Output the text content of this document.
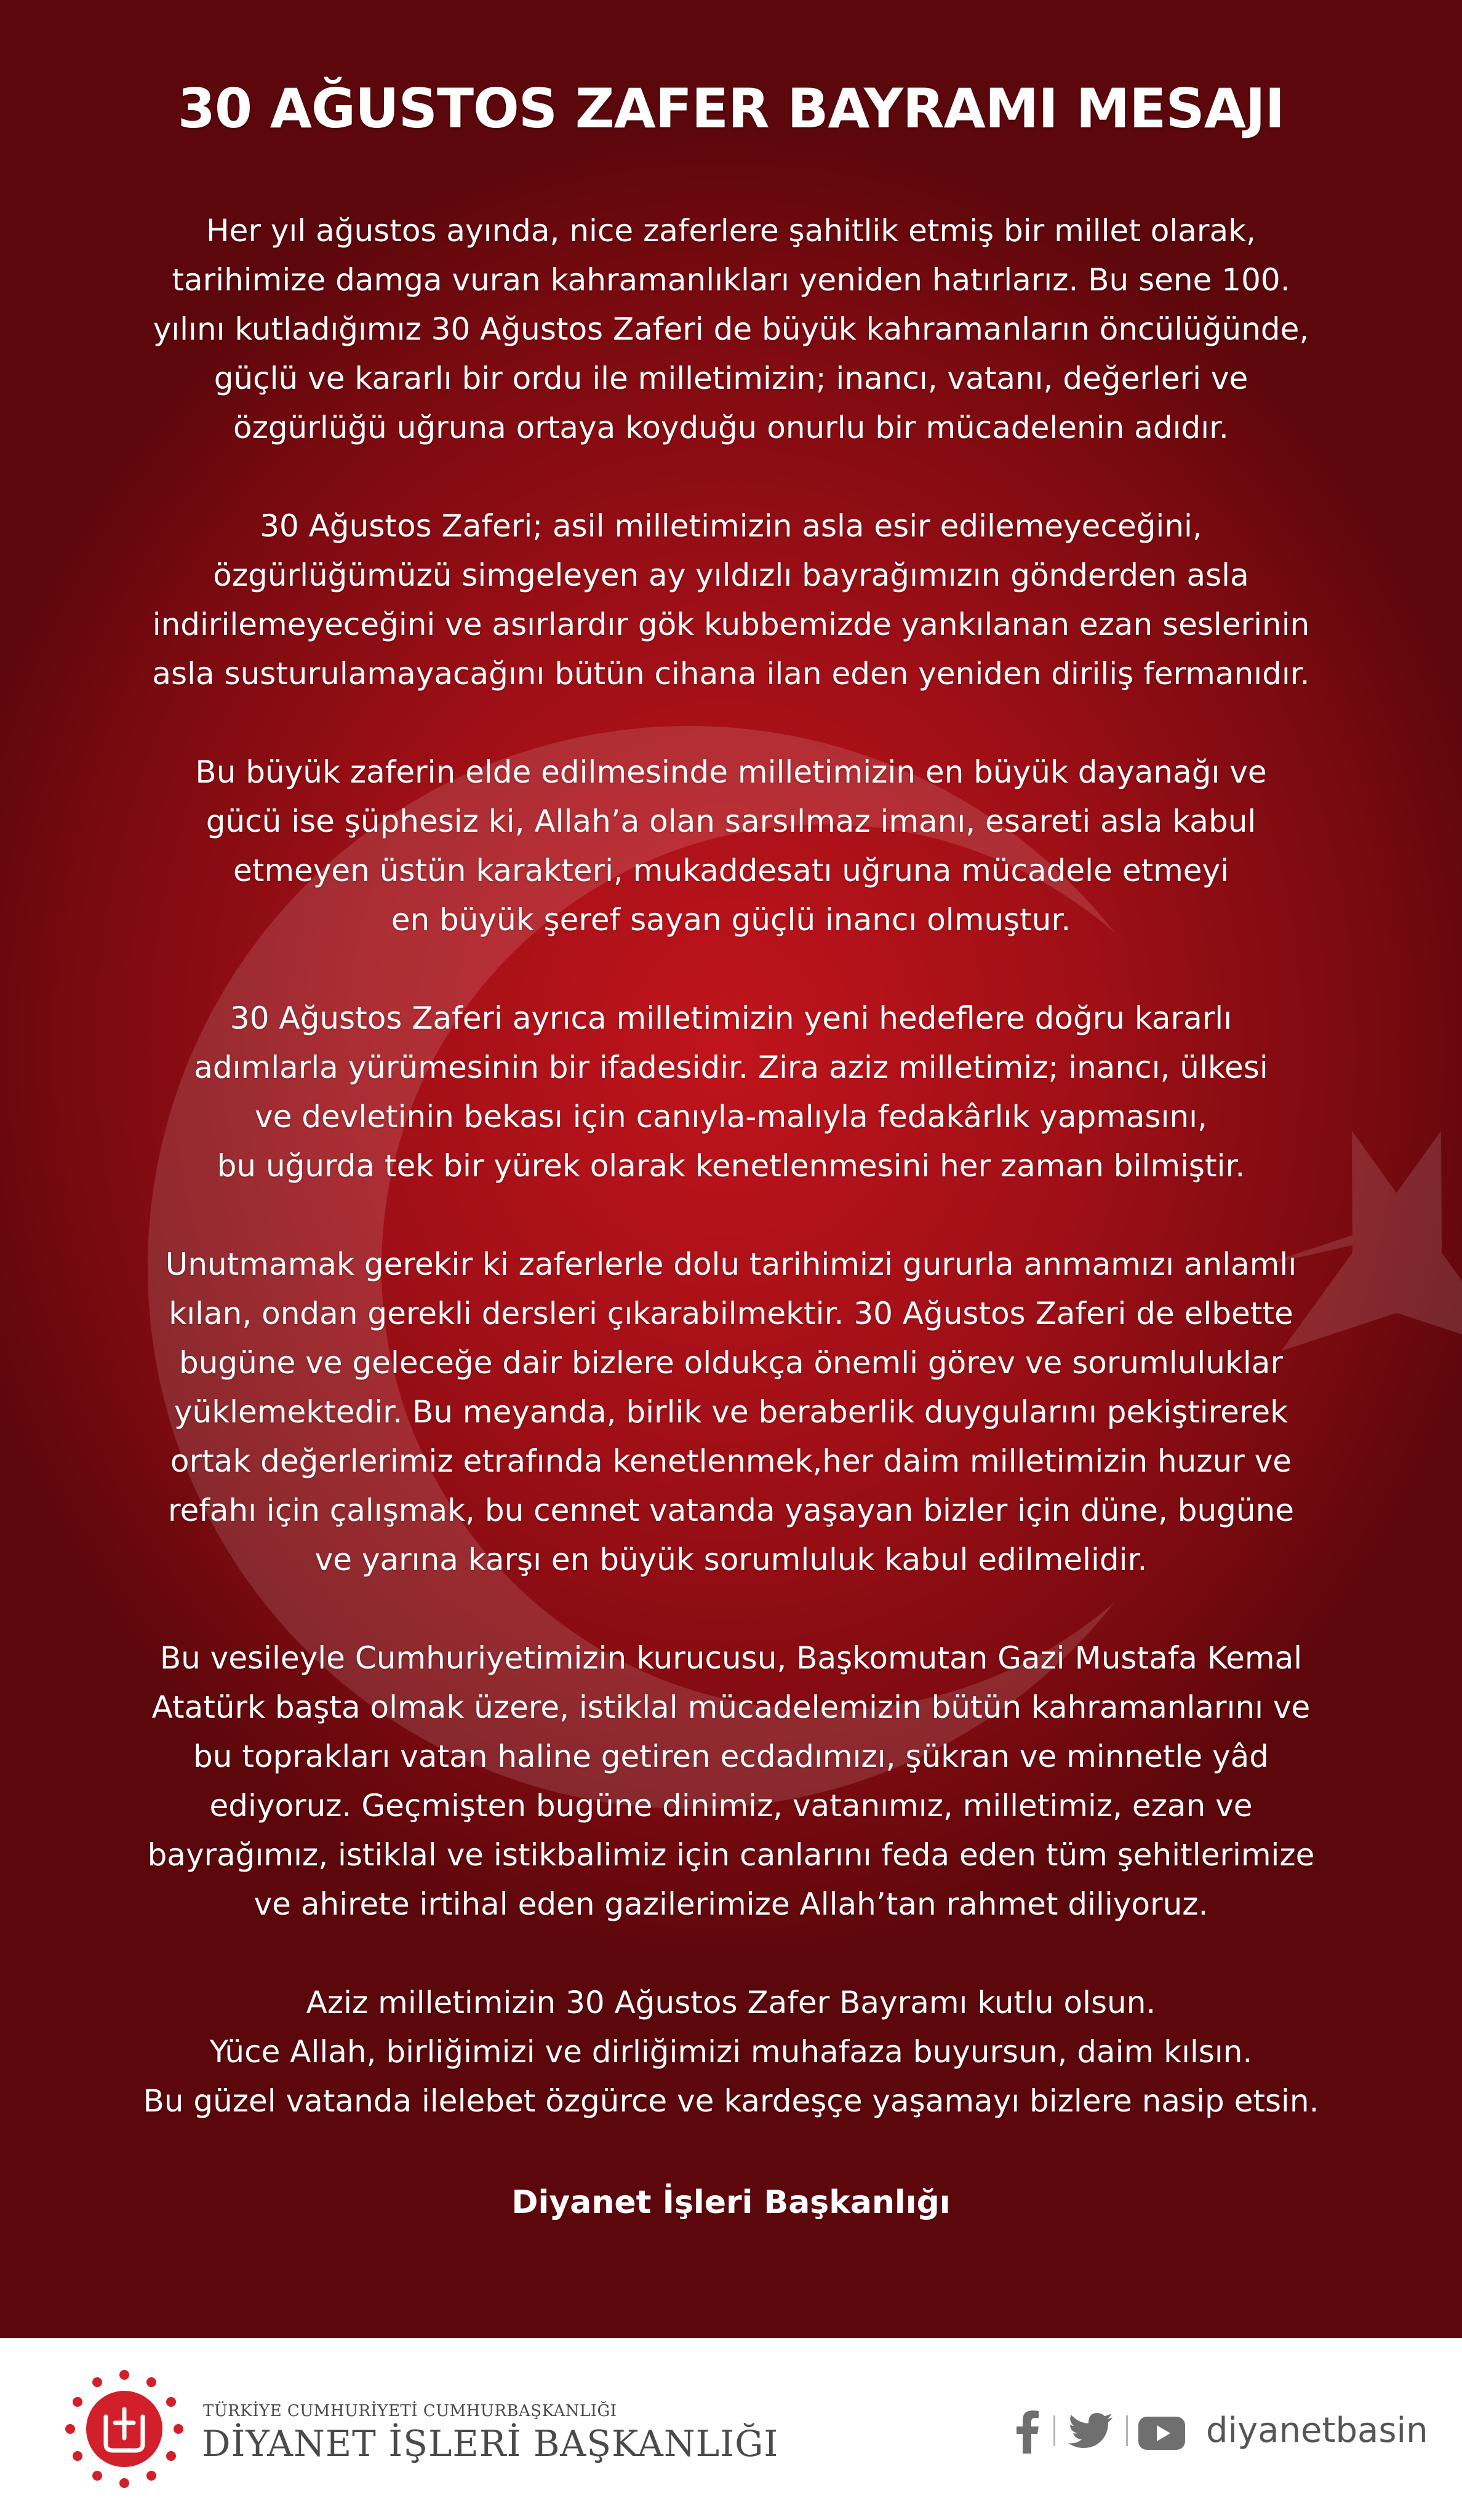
30 AĞUSTOS ZAFER BAYRAMI MESAJI

Her yıl ağustos ayında, nice zaferlere şahitlik etmiş bir millet olarak,
tarihimize damga vuran kahramanlıkları yeniden hatırlarız. Bu sene 100.
yılını kutladığımız 30 Ağustos Zaferi de büyük kahramanların öncülüğünde,
güçlü ve kararlı bir ordu ile milletimizin; inancı, vatanı, değerleri ve
özgürlüğü uğruna ortaya koyduğu onurlu bir mücadelenin adıdır.

30 Ağustos Zaferi; asil milletimizin asla esir edilemeyeceğini,
özgürlüğümüzü simgeleyen ay yıldızlı bayrağımızın gönderden asla
indirilemeyeceğini ve asırlardır gök kubbemizde yankılanan ezan seslerinin
asla susturulamayacağını bütün cihana ilan eden yeniden diriliş fermanıdır.

Bu büyük zaferin elde edilmesinde milletimizin en büyük dayanağı ve
gücü ise şüphesiz ki, Allah’a olan sarsılmaz imanı, esareti asla kabul
etmeyen üstün karakteri, mukaddesatı uğruna mücadele etmeyi
en büyük şeref sayan güçlü inancı olmuştur.

30 Ağustos Zaferi ayrıca milletimizin yeni hedeflere doğru kararlı
adımlarla yürümesinin bir ifadesidir. Zira aziz milletimiz; inancı, ülkesi
ve devletinin bekası için canıyla-malıyla fedakârlık yapmasını,
bu uğurda tek bir yürek olarak kenetlenmesini her zaman bilmiştir.

Unutmamak gerekir ki zaferlerle dolu tarihimizi gururla anmamızı anlamlı
kılan, ondan gerekli dersleri çıkarabilmektir. 30 Ağustos Zaferi de elbette
bugüne ve geleceğe dair bizlere oldukça önemli görev ve sorumluluklar
yüklemektedir. Bu meyanda, birlik ve beraberlik duygularını pekiştirerek
ortak değerlerimiz etrafında kenetlenmek,her daim milletimizin huzur ve
refahı için çalışmak, bu cennet vatanda yaşayan bizler için düne, bugüne
ve yarına karşı en büyük sorumluluk kabul edilmelidir.

Bu vesileyle Cumhuriyetimizin kurucusu, Başkomutan Gazi Mustafa Kemal
Atatürk başta olmak üzere, istiklal mücadelemizin bütün kahramanlarını ve
bu toprakları vatan haline getiren ecdadımızı, şükran ve minnetle yâd
ediyoruz. Geçmişten bugüne dinimiz, vatanımız, milletimiz, ezan ve
bayrağımız, istiklal ve istikbalimiz için canlarını feda eden tüm şehitlerimize
ve ahirete irtihal eden gazilerimize Allah’tan rahmet diliyoruz.

Aziz milletimizin 30 Ağustos Zafer Bayramı kutlu olsun.
Yüce Allah, birliğimizi ve dirliğimizi muhafaza buyursun, daim kılsın.
Bu güzel vatanda ilelebet özgürce ve kardeşçe yaşamayı bizlere nasip etsin.

Diyanet İşleri Başkanlığı

TÜRKİYE CUMHURİYETİ CUMHURBAŞKANLIĞI
DİYANET İŞLERİ BAŞKANLIĞI	diyanetbasin
